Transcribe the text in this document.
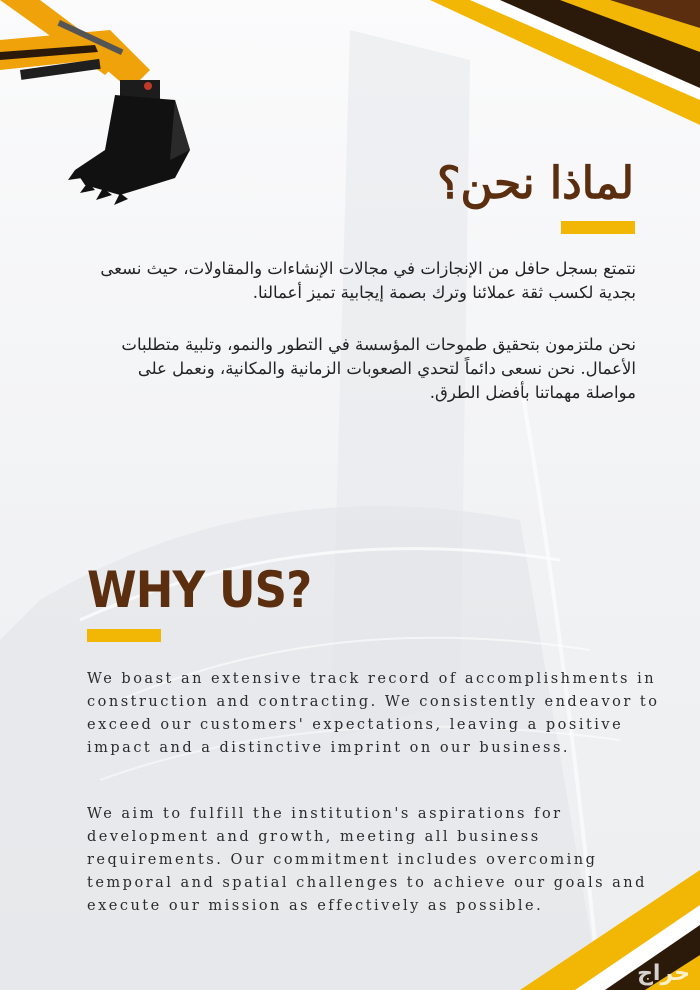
لماذا نحن؟

نتمتع بسجل حافل من الإنجازات في مجالات الإنشاءات والمقاولات، حيث نسعى بجدية لكسب ثقة عملائنا وترك بصمة إيجابية تميز أعمالنا.

نحن ملتزمون بتحقيق طموحات المؤسسة في التطور والنمو، وتلبية متطلبات الأعمال. نحن نسعى دائماً لتحدي الصعوبات الزمانية والمكانية، ونعمل على مواصلة مهماتنا بأفضل الطرق.

WHY US?

We boast an extensive track record of accomplishments in construction and contracting. We consistently endeavor to exceed our customers' expectations, leaving a positive impact and a distinctive imprint on our business.

We aim to fulfill the institution's aspirations for development and growth, meeting all business requirements. Our commitment includes overcoming temporal and spatial challenges to achieve our goals and execute our mission as effectively as possible.

حراج
